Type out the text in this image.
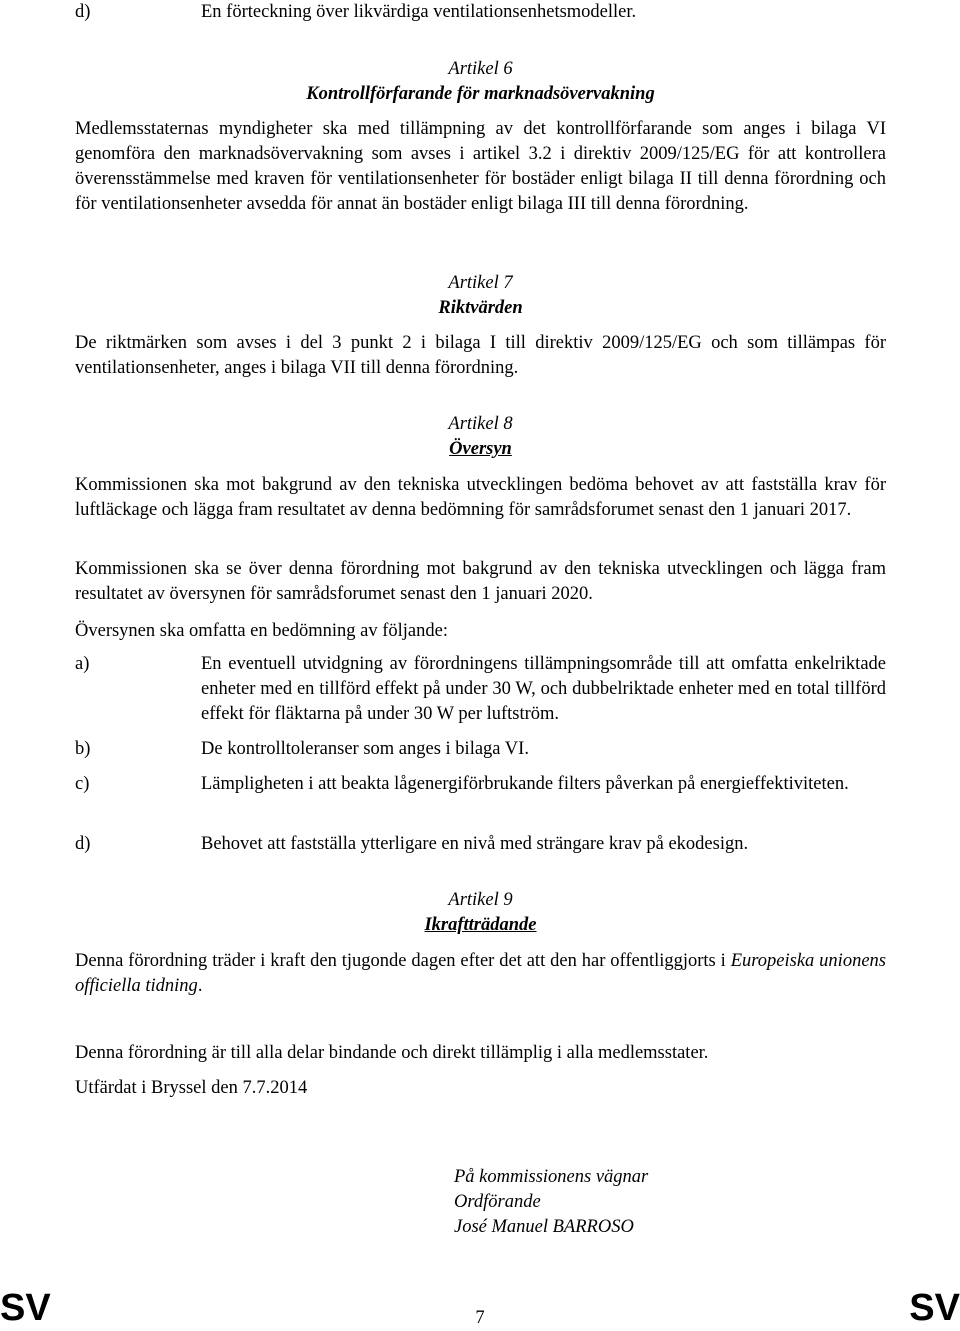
d)	En förteckning över likvärdiga ventilationsenhetsmodeller.
Artikel 6
Kontrollförfarande för marknadsövervakning
Medlemsstaternas myndigheter ska med tillämpning av det kontrollförfarande som anges i bilaga VI genomföra den marknadsövervakning som avses i artikel 3.2 i direktiv 2009/125/EG för att kontrollera överensstämmelse med kraven för ventilationsenheter för bostäder enligt bilaga II till denna förordning och för ventilationsenheter avsedda för annat än bostäder enligt bilaga III till denna förordning.
Artikel 7
Riktvärden
De riktmärken som avses i del 3 punkt 2 i bilaga I till direktiv 2009/125/EG och som tillämpas för ventilationsenheter, anges i bilaga VII till denna förordning.
Artikel 8
Översyn
Kommissionen ska mot bakgrund av den tekniska utvecklingen bedöma behovet av att fastställa krav för luftläckage och lägga fram resultatet av denna bedömning för samrådsforumet senast den 1 januari 2017.
Kommissionen ska se över denna förordning mot bakgrund av den tekniska utvecklingen och lägga fram resultatet av översynen för samrådsforumet senast den 1 januari 2020.
Översynen ska omfatta en bedömning av följande:
a)	En eventuell utvidgning av förordningens tillämpningsområde till att omfatta enkelriktade enheter med en tillförd effekt på under 30 W, och dubbelriktade enheter med en total tillförd effekt för fläktarna på under 30 W per luftström.
b)	De kontrolltoleranser som anges i bilaga VI.
c)	Lämpligheten i att beakta lågenergiförbrukande filters påverkan på energieffektiviteten.
d)	Behovet att fastställa ytterligare en nivå med strängare krav på ekodesign.
Artikel 9
Ikraftträdande
Denna förordning träder i kraft den tjugonde dagen efter det att den har offentliggjorts i Europeiska unionens officiella tidning.
Denna förordning är till alla delar bindande och direkt tillämplig i alla medlemsstater.
Utfärdat i Bryssel den 7.7.2014
På kommissionens vägnar
Ordförande
José Manuel BARROSO
SV	7	SV
